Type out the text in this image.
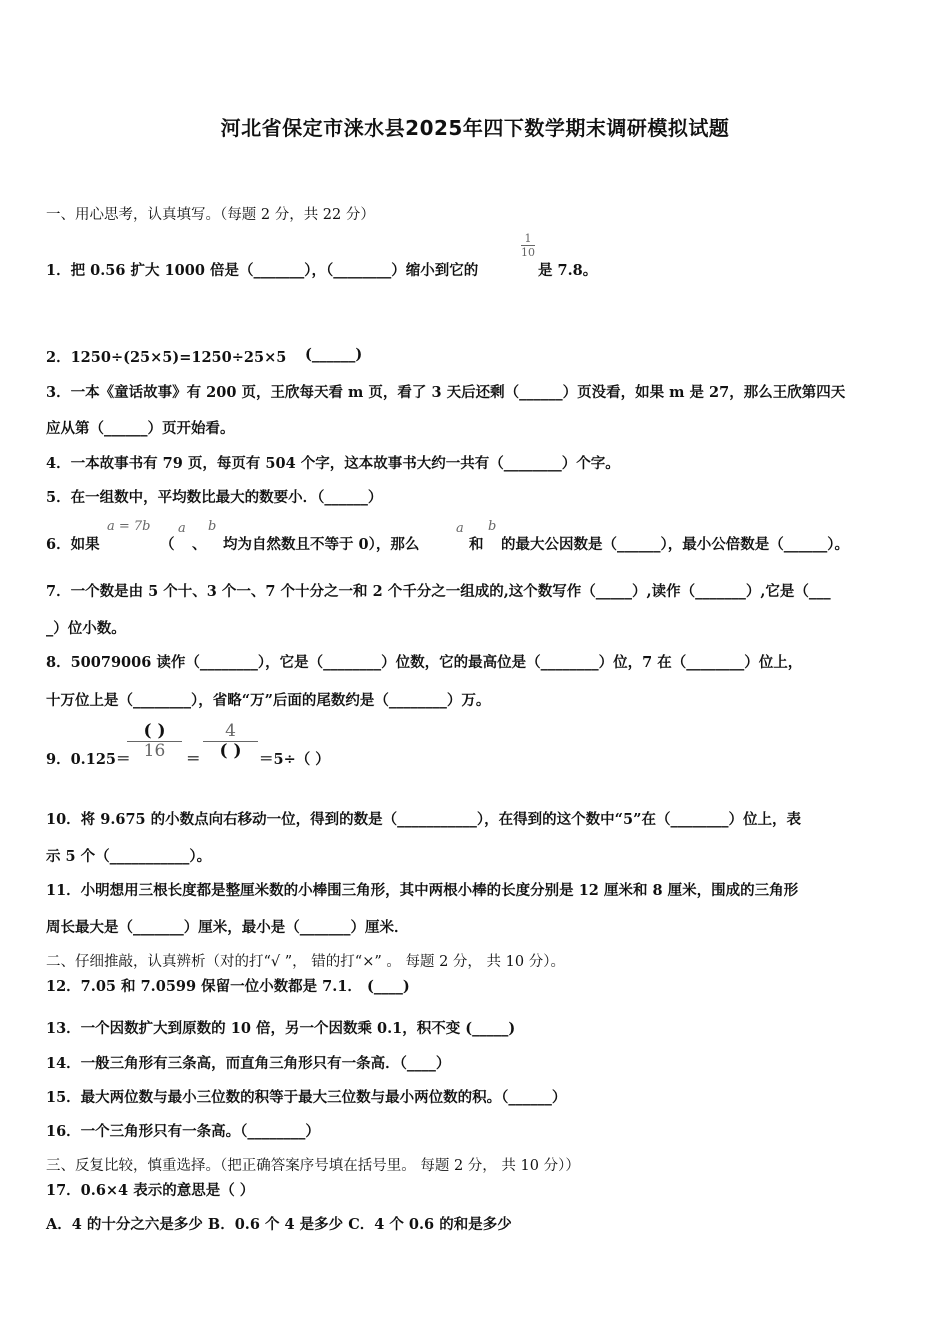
河北省保定市涞水县2025年四下数学期末调研模拟试题
一、用心思考，认真填写。（每题 2 分，共 22 分）
1．把 0.56 扩大 1000 倍是（_______），（________）缩小到它的
1
10
是 7.8。
2．1250÷(25×5)=1250÷25×5 (______)
3．一本《童话故事》有 200 页，王欣每天看 m 页，看了 3 天后还剩（______）页没看，如果 m 是 27，那么王欣第四天
应从第（______）页开始看。
4．一本故事书有 79 页，每页有 504 个字，这本故事书大约一共有（________）个字。
5．在一组数中，平均数比最大的数要小．（______）
6．如果
a = 7b
（
a
、
b
均为自然数且不等于 0），那么
a
和
b
的最大公因数是（______），最小公倍数是（______）。
7．一个数是由 5 个十、3 个一、7 个十分之一和 2 个千分之一组成的,这个数写作（_____）,读作（_______）,它是（___
_）位小数。
8．50079006 读作（________），它是（________）位数，它的最高位是（________）位，7 在（________）位上，
十万位上是（________），省略“万”后面的尾数约是（________）万。
9．0.125＝
( )
16	＝
4
( )	＝5÷（ ）
10．将 9.675 的小数点向右移动一位，得到的数是（___________），在得到的这个数中“5”在（________）位上，表
示 5 个（___________）。
11．小明想用三根长度都是整厘米数的小棒围三角形，其中两根小棒的长度分别是 12 厘米和 8 厘米，围成的三角形
周长最大是（_______）厘米，最小是（_______）厘米．
二、仔细推敲，认真辨析（对的打“√ ”， 错的打“×” 。 每题 2 分， 共 10 分）。
12．7.05 和 7.0599 保留一位小数都是 7.1． (____)
13．一个因数扩大到原数的 10 倍，另一个因数乘 0.1，积不变 (_____)
14．一般三角形有三条高，而直角三角形只有一条高．（____）
15．最大两位数与最小三位数的积等于最大三位数与最小两位数的积。（______）
16．一个三角形只有一条高。（________）
三、反复比较，慎重选择。（把正确答案序号填在括号里。 每题 2 分， 共 10 分））
17．0.6×4 表示的意思是（ ）
A．4 的十分之六是多少 B．0.6 个 4 是多少 C．4 个 0.6 的和是多少
